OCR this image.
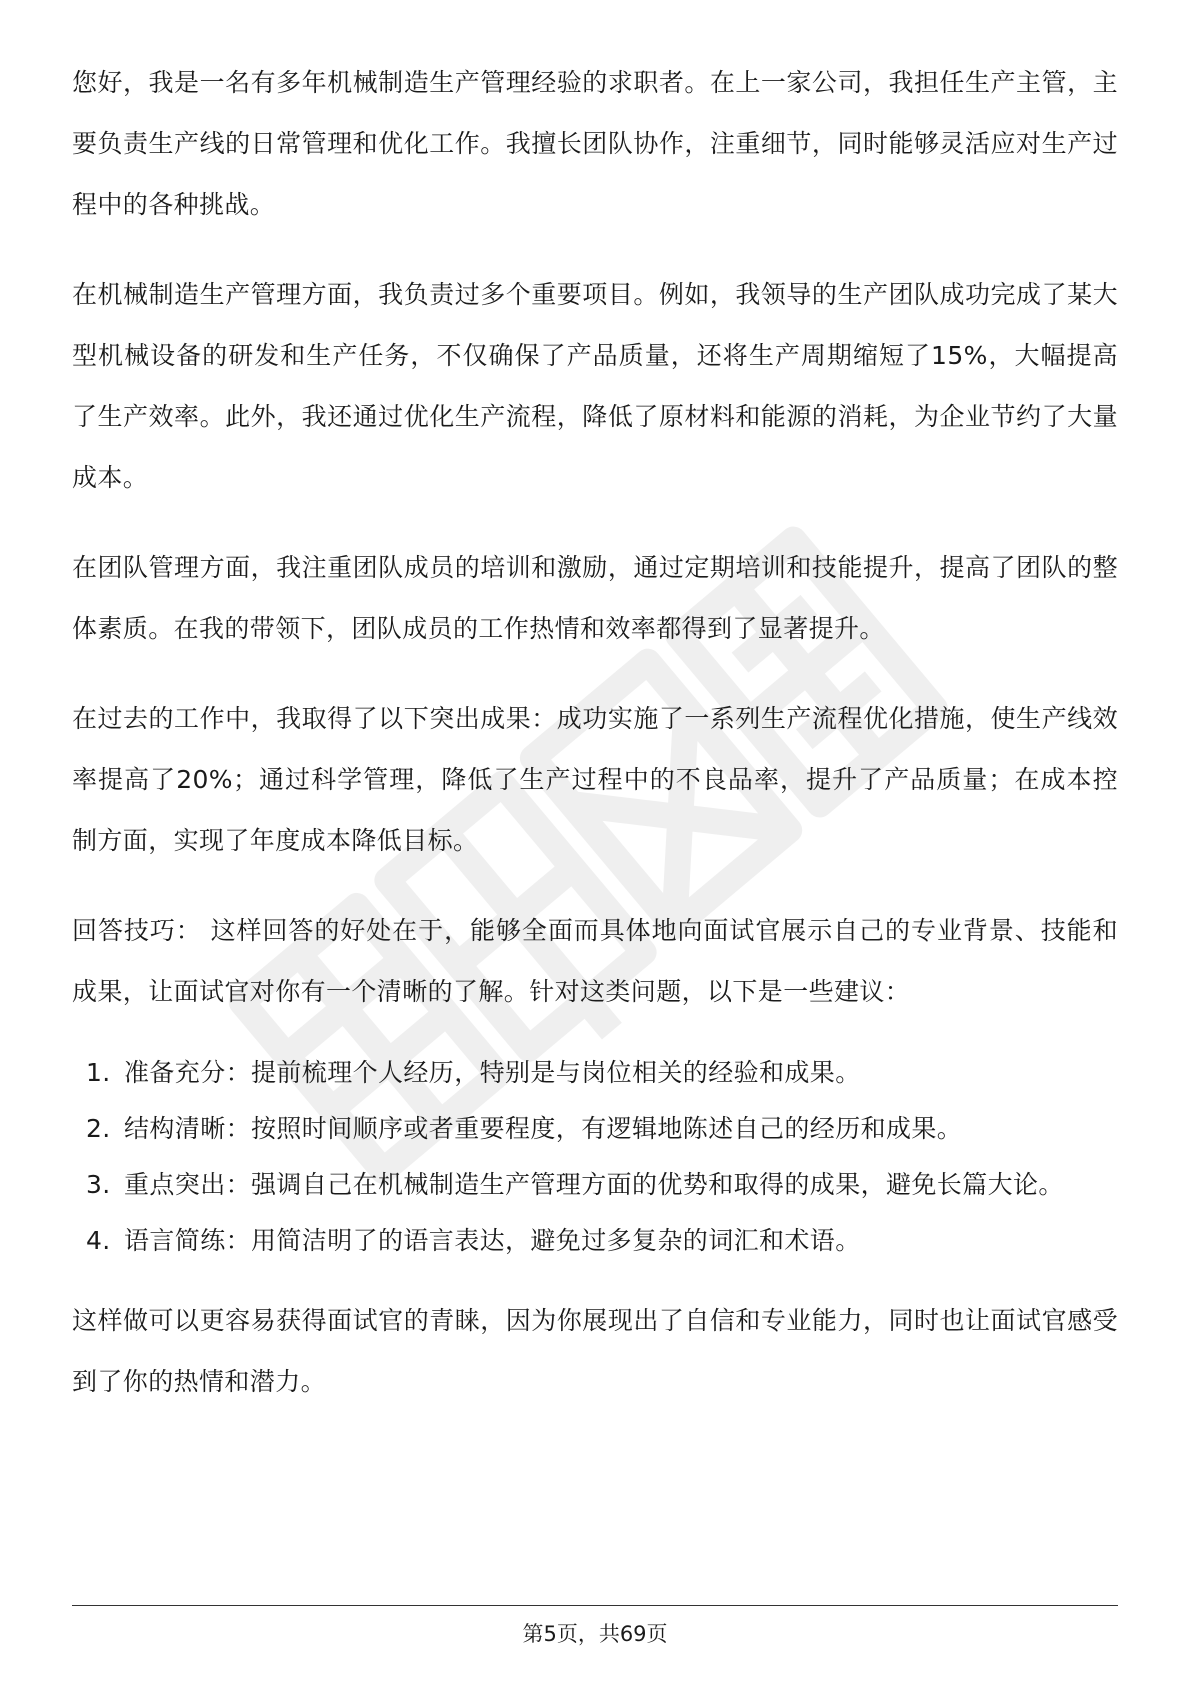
您好，我是一名有多年机械制造生产管理经验的求职者。在上一家公司，我担任生产主管，主要负责生产线的日常管理和优化工作。我擅长团队协作，注重细节，同时能够灵活应对生产过程中的各种挑战。

在机械制造生产管理方面，我负责过多个重要项目。例如，我领导的生产团队成功完成了某大型机械设备的研发和生产任务，不仅确保了产品质量，还将生产周期缩短了15%，大幅提高了生产效率。此外，我还通过优化生产流程，降低了原材料和能源的消耗，为企业节约了大量成本。

在团队管理方面，我注重团队成员的培训和激励，通过定期培训和技能提升，提高了团队的整体素质。在我的带领下，团队成员的工作热情和效率都得到了显著提升。

在过去的工作中，我取得了以下突出成果：成功实施了一系列生产流程优化措施，使生产线效率提高了20%；通过科学管理，降低了生产过程中的不良品率，提升了产品质量；在成本控制方面，实现了年度成本降低目标。

回答技巧： 这样回答的好处在于，能够全面而具体地向面试官展示自己的专业背景、技能和成果，让面试官对你有一个清晰的了解。针对这类问题，以下是一些建议：

1. 准备充分：提前梳理个人经历，特别是与岗位相关的经验和成果。
2. 结构清晰：按照时间顺序或者重要程度，有逻辑地陈述自己的经历和成果。
3. 重点突出：强调自己在机械制造生产管理方面的优势和取得的成果，避免长篇大论。
4. 语言简练：用简洁明了的语言表达，避免过多复杂的词汇和术语。

这样做可以更容易获得面试官的青睐，因为你展现出了自信和专业能力，同时也让面试官感受到了你的热情和潜力。

第5页，共69页
